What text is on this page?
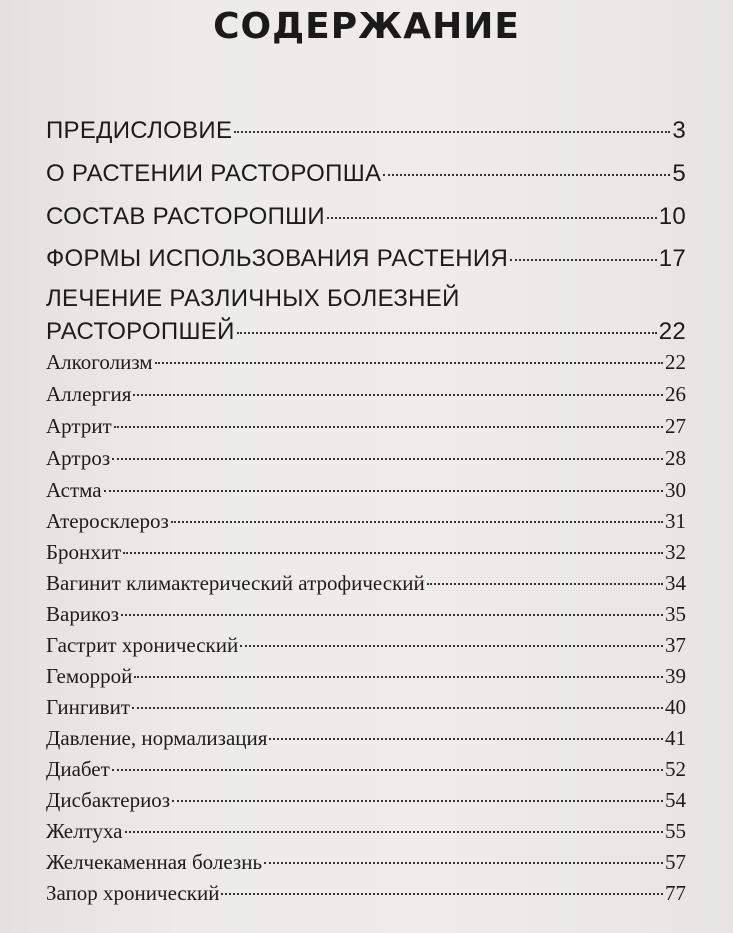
СОДЕРЖАНИЕ
ПРЕДИСЛОВИЕ	3
О РАСТЕНИИ РАСТОРОПША	5
СОСТАВ РАСТОРОПШИ	10
ФОРМЫ ИСПОЛЬЗОВАНИЯ РАСТЕНИЯ	17
ЛЕЧЕНИЕ РАЗЛИЧНЫХ БОЛЕЗНЕЙ
РАСТОРОПШЕЙ	22
Алкоголизм	22
Аллергия	26
Артрит	27
Артроз	28
Астма	30
Атеросклероз	31
Бронхит	32
Вагинит климактерический атрофический	34
Варикоз	35
Гастрит хронический	37
Геморрой	39
Гингивит	40
Давление, нормализация	41
Диабет	52
Дисбактериоз	54
Желтуха	55
Желчекаменная болезнь	57
Запор хронический	77
